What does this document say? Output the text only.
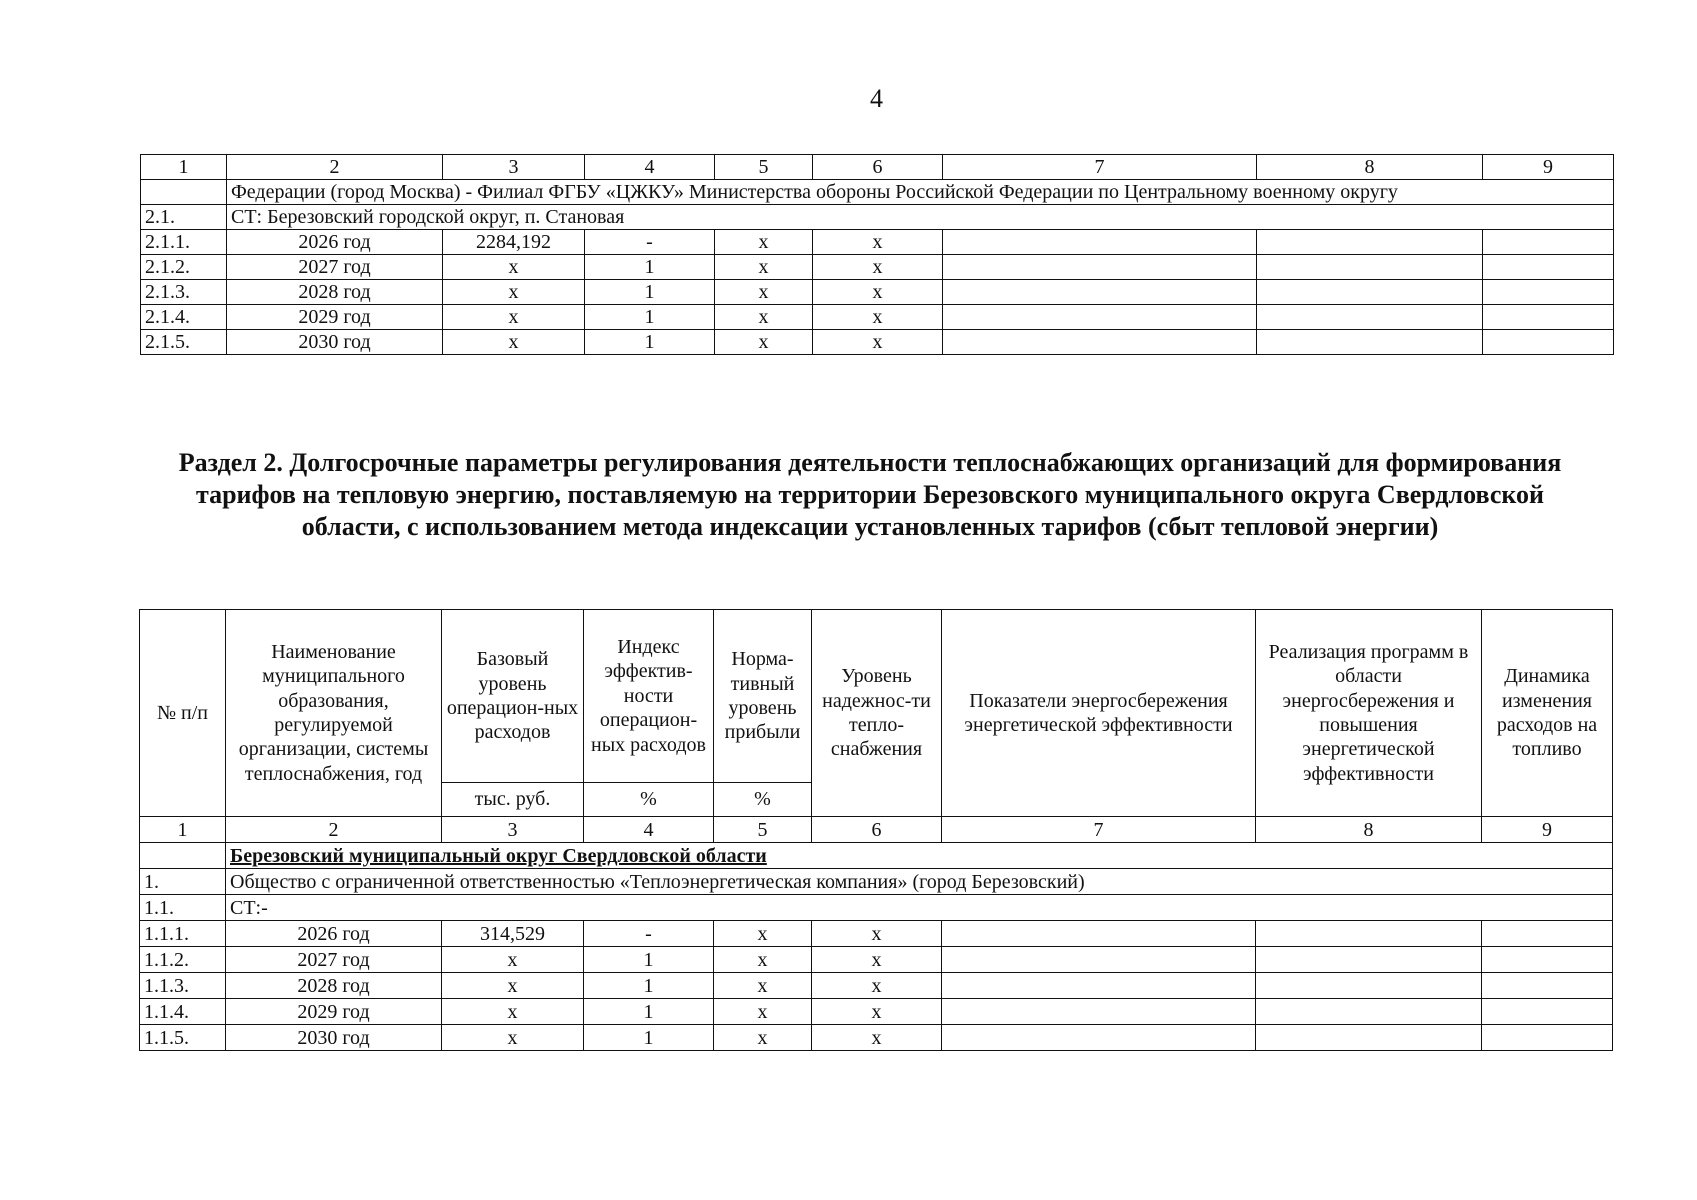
4
1	2	3	4	5	6	7	8	9
	Федерации (город Москва) - Филиал ФГБУ «ЦЖКУ» Министерства обороны Российской Федерации по Центральному военному округу							
2.1.	СТ: Березовский городской округ, п. Становая							
2.1.1.	2026 год	2284,192	-	х	х			
2.1.2.	2027 год	х	1	х	х			
2.1.3.	2028 год	х	1	х	х			
2.1.4.	2029 год	х	1	х	х			
2.1.5.	2030 год	х	1	х	х			
Раздел 2. Долгосрочные параметры регулирования деятельности теплоснабжающих организаций для формирования тарифов на тепловую энергию, поставляемую на территории Березовского муниципального округа Свердловской области, с использованием метода индексации установленных тарифов (сбыт тепловой энергии)
№ п/п	Наименование муниципального образования, регулируемой организации, системы теплоснабжения, год	Базовый уровень операцион-ных расходов	Индекс эффектив-ности операцион-ных расходов	Норма-тивный уровень прибыли	Уровень надежнос-ти тепло-снабжения	Показатели энергосбережения энергетической эффективности	Реализация программ в области энергосбережения и повышения энергетической эффективности	Динамика изменения расходов на топливо
		тыс. руб.	%	%				
1	2	3	4	5	6	7	8	9
	Березовский муниципальный округ Свердловской области							
1.	Общество с ограниченной ответственностью «Теплоэнергетическая компания» (город Березовский)							
1.1.	СТ:-							
1.1.1.	2026 год	314,529	-	х	х			
1.1.2.	2027 год	х	1	х	х			
1.1.3.	2028 год	х	1	х	х			
1.1.4.	2029 год	х	1	х	х			
1.1.5.	2030 год	х	1	х	х			
